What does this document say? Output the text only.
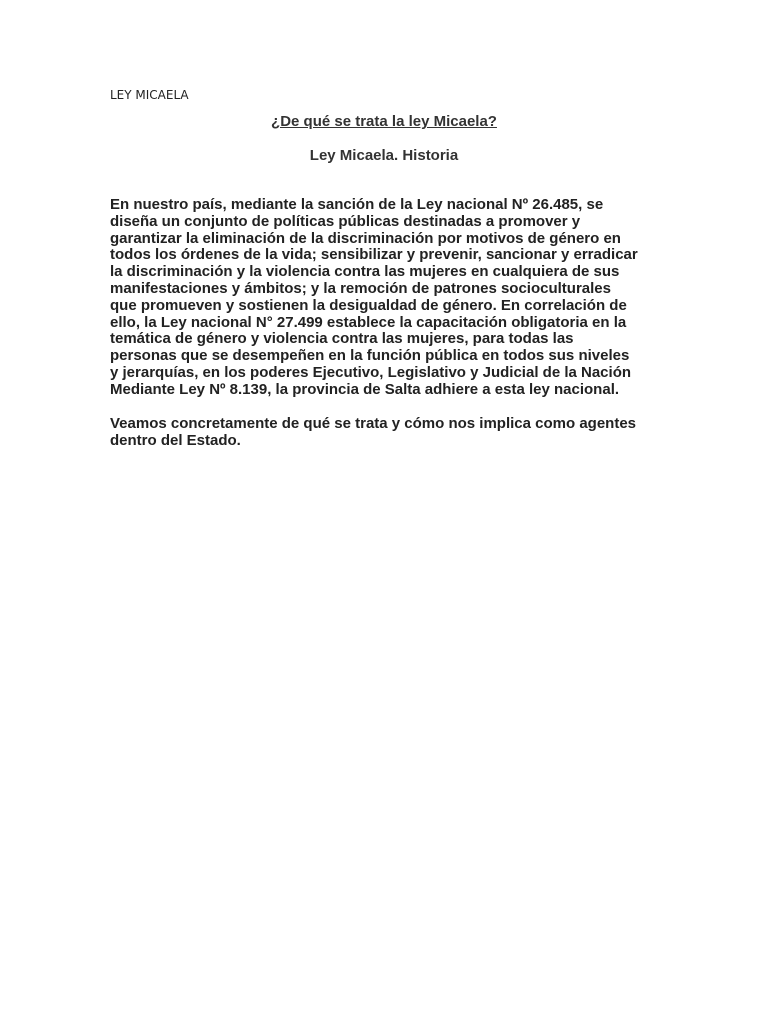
LEY MICAELA
¿De qué se trata la ley Micaela?
Ley Micaela. Historia
En nuestro país, mediante la sanción de la Ley nacional Nº 26.485, se
diseña un conjunto de políticas públicas destinadas a promover y
garantizar la eliminación de la discriminación por motivos de género en
todos los órdenes de la vida; sensibilizar y prevenir, sancionar y erradicar
la discriminación y la violencia contra las mujeres en cualquiera de sus
manifestaciones y ámbitos; y la remoción de patrones socioculturales
que promueven y sostienen la desigualdad de género. En correlación de
ello, la Ley nacional N° 27.499 establece la capacitación obligatoria en la
temática de género y violencia contra las mujeres, para todas las
personas que se desempeñen en la función pública en todos sus niveles
y jerarquías, en los poderes Ejecutivo, Legislativo y Judicial de la Nación
Mediante Ley Nº 8.139, la provincia de Salta adhiere a esta ley nacional.
Veamos concretamente de qué se trata y cómo nos implica como agentes
dentro del Estado.
